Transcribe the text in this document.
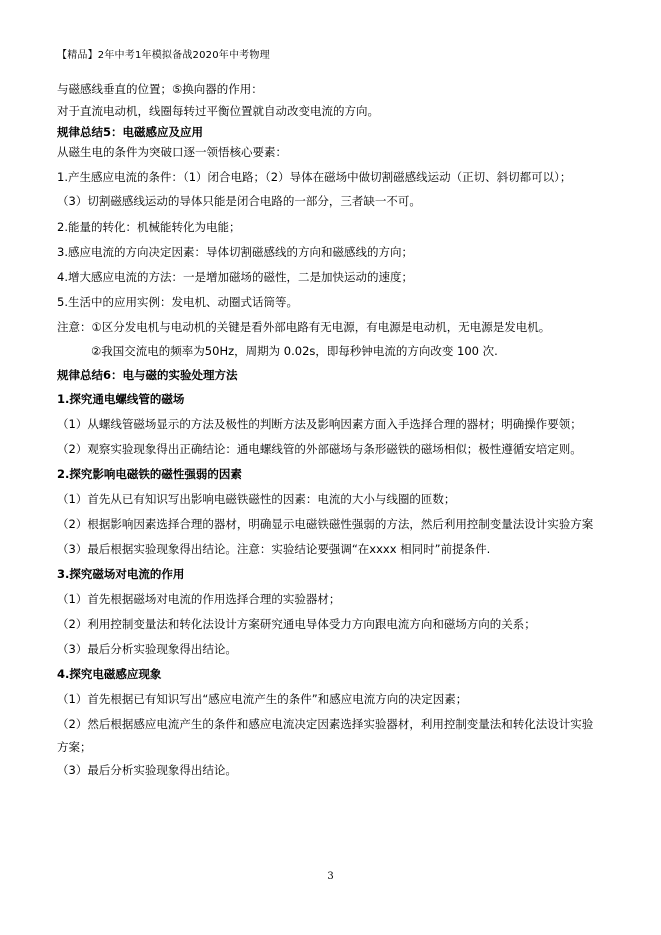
【精品】2年中考1年模拟备战2020年中考物理

与磁感线垂直的位置；⑤换向器的作用：

对于直流电动机，线圈每转过平衡位置就自动改变电流的方向。

规律总结5：电磁感应及应用

从磁生电的条件为突破口逐一领悟核心要素：

1.产生感应电流的条件：（1）闭合电路；（2）导体在磁场中做切割磁感线运动（正切、斜切都可以）；

（3）切割磁感线运动的导体只能是闭合电路的一部分，三者缺一不可。

2.能量的转化：机械能转化为电能；

3.感应电流的方向决定因素：导体切割磁感线的方向和磁感线的方向；

4.增大感应电流的方法：一是增加磁场的磁性，二是加快运动的速度；

5.生活中的应用实例：发电机、动圈式话筒等。

注意：①区分发电机与电动机的关键是看外部电路有无电源，有电源是电动机，无电源是发电机。

②我国交流电的频率为50Hz，周期为 0.02s，即每秒钟电流的方向改变 100 次.

规律总结6：电与磁的实验处理方法

1.探究通电螺线管的磁场

（1）从螺线管磁场显示的方法及极性的判断方法及影响因素方面入手选择合理的器材；明确操作要领；

（2）观察实验现象得出正确结论：通电螺线管的外部磁场与条形磁铁的磁场相似；极性遵循安培定则。

2.探究影响电磁铁的磁性强弱的因素

（1）首先从已有知识写出影响电磁铁磁性的因素：电流的大小与线圈的匝数；

（2）根据影响因素选择合理的器材，明确显示电磁铁磁性强弱的方法，然后利用控制变量法设计实验方案

（3）最后根据实验现象得出结论。注意：实验结论要强调“在xxxx 相同时”前提条件.

3.探究磁场对电流的作用

（1）首先根据磁场对电流的作用选择合理的实验器材；

（2）利用控制变量法和转化法设计方案研究通电导体受力方向跟电流方向和磁场方向的关系；

（3）最后分析实验现象得出结论。

4.探究电磁感应现象

（1）首先根据已有知识写出“感应电流产生的条件”和感应电流方向的决定因素；

（2）然后根据感应电流产生的条件和感应电流决定因素选择实验器材，利用控制变量法和转化法设计实验

方案；

（3）最后分析实验现象得出结论。

3
